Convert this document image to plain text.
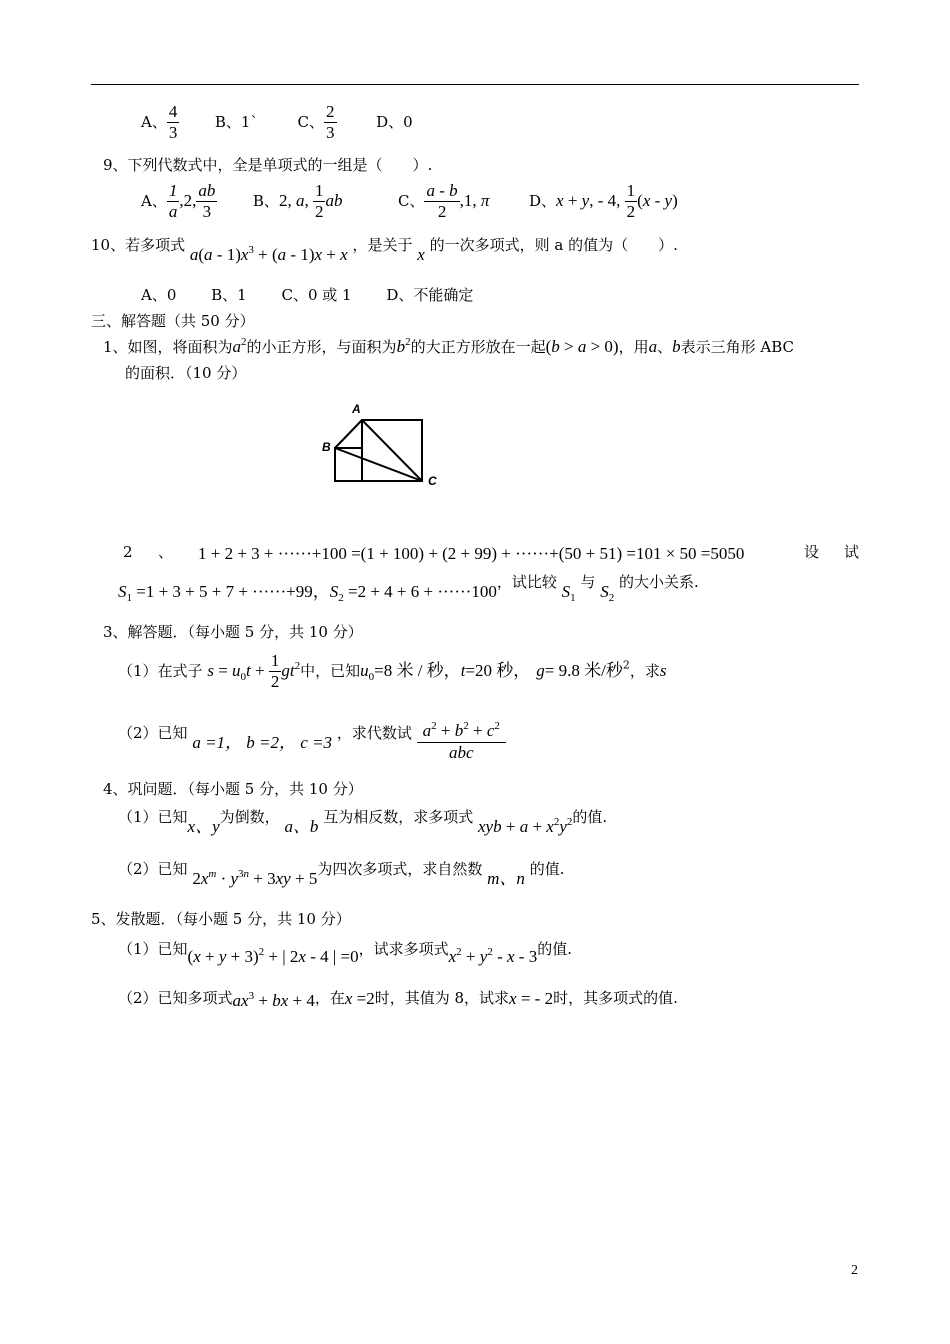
A、 $\frac{4}{3}$ B、1`	C、 $\frac{2}{3}$	D、0
9、下列代数式中，全是单项式的一组是（　　）.
A、 $\frac{1}{a} ,2$, $\frac{ab}{3}$ B、2, a, $\frac{1}{2}$ ab	C、 $\frac{a - b}{2} ,1$, π	D、x + y, - 4, $\frac{1}{2} (x - y)$
10、若多项式 $a(a - 1)x^3 + (a - 1)x + x$ ，是关于 x 的一次多项式，则 a 的值为（　　）.
A、0　　 B、1　　 C、0 或 1　　 D、不能确定
三、解答题（共 50 分）
1、如图，将面积为$a^2$的小正方形，与面积为$b^2$的大正方形放在一起(b > a > 0)，用a、b表示三角形 ABC
的面积．（10 分）
A
B
C
2 、 1 + 2 + 3 + ······+100 =(1 + 100) + (2 + 99) + ······+(50 + 51) =101 × 50 =5050	设 试
$S_1 =1 + 3 + 5 + 7 + \cdot\cdot\cdot\cdot\cdot\cdot+99$，$S_2 =2 + 4 + 6 + \cdot\cdot\cdot\cdot\cdot\cdot 100$，试比较 $S_1$ 与 $S_2$ 的大小关系.
3、解答题．（每小题 5 分，共 10 分）
（1）在式子 $s = u_0t + \frac{1}{2} gt^2$中，已知$u_0=8$ 米 / 秒，t=20 秒， g= 9.8 米/秒$^2$，求s
（2）已知 a =1， b =2， c =3 ，求代数试 $\frac{a^2 + b^2 + c^2}{\text{abc}}$
4、巩问题．（每小题 5 分，共 10 分）
（1）已知x、y为倒数， a、b 互为相反数，求多项式 xyb + $a + x^2y^2$的值.
（2）已知 $2x^m \cdot y^{3n} + 3xy + 5$为四次多项式，求自然数 m、n 的值.
5、发散题．（每小题 5 分，共 10 分）
（1）已知$(x + y + 3)^2$ + | 2x - 4 | =0，试求多项式$x^2 + y^2 - x - 3$的值.
（2）已知多项式$ax^3$ + bx + 4，在x =2时，其值为 8，试求x = - 2时，其多项式的值.
2
